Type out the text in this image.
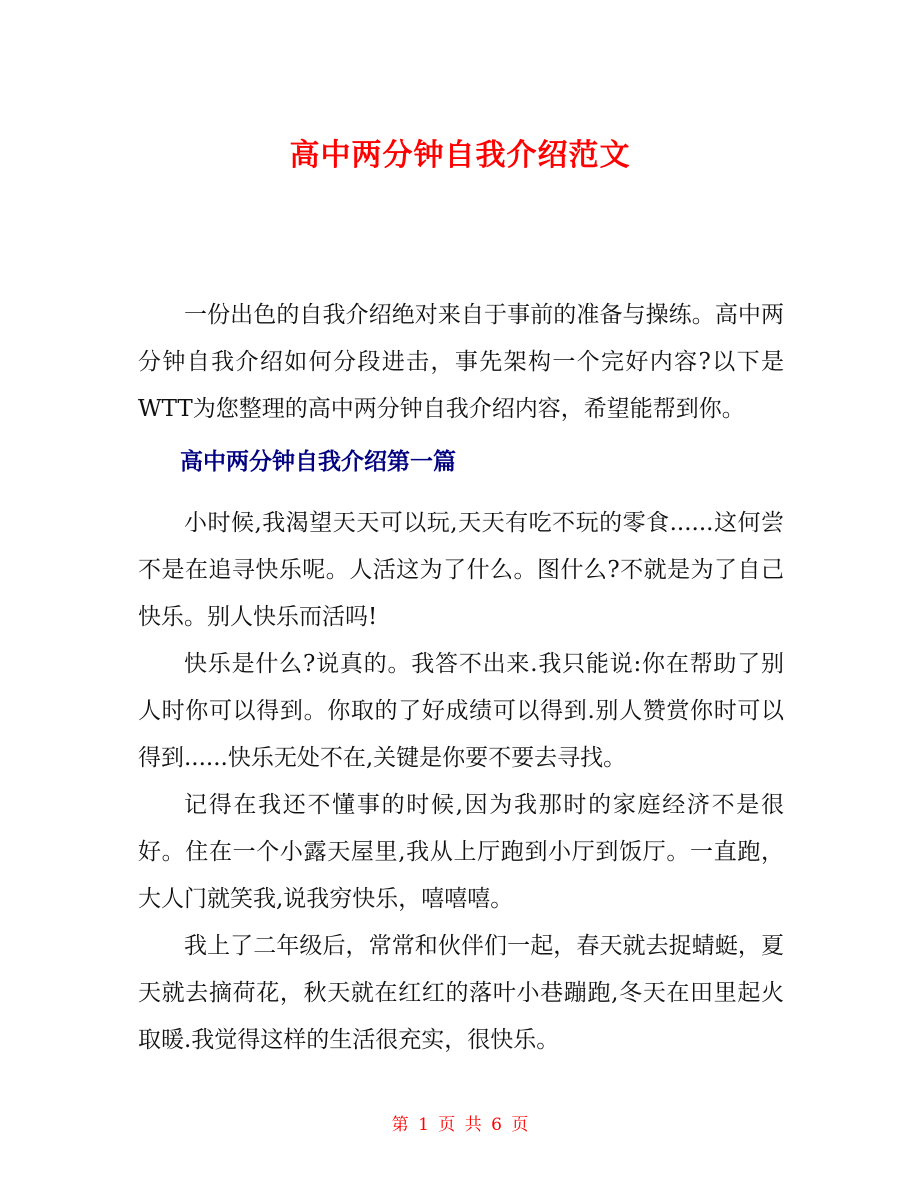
高中两分钟自我介绍范文

一份出色的自我介绍绝对来自于事前的准备与操练。高中两分钟自我介绍如何分段进击，事先架构一个完好内容?以下是WTT为您整理的高中两分钟自我介绍内容，希望能帮到你。

高中两分钟自我介绍第一篇

小时候,我渴望天天可以玩,天天有吃不玩的零食......这何尝不是在追寻快乐呢。人活这为了什么。图什么?不就是为了自己快乐。别人快乐而活吗!

快乐是什么?说真的。我答不出来.我只能说:你在帮助了别人时你可以得到。你取的了好成绩可以得到.别人赞赏你时可以得到......快乐无处不在,关键是你要不要去寻找。

记得在我还不懂事的时候,因为我那时的家庭经济不是很好。住在一个小露天屋里,我从上厅跑到小厅到饭厅。一直跑，大人门就笑我,说我穷快乐，嘻嘻嘻。

我上了二年级后，常常和伙伴们一起，春天就去捉蜻蜓，夏天就去摘荷花，秋天就在红红的落叶小巷蹦跑,冬天在田里起火取暖.我觉得这样的生活很充实，很快乐。

第 1 页 共 6 页
